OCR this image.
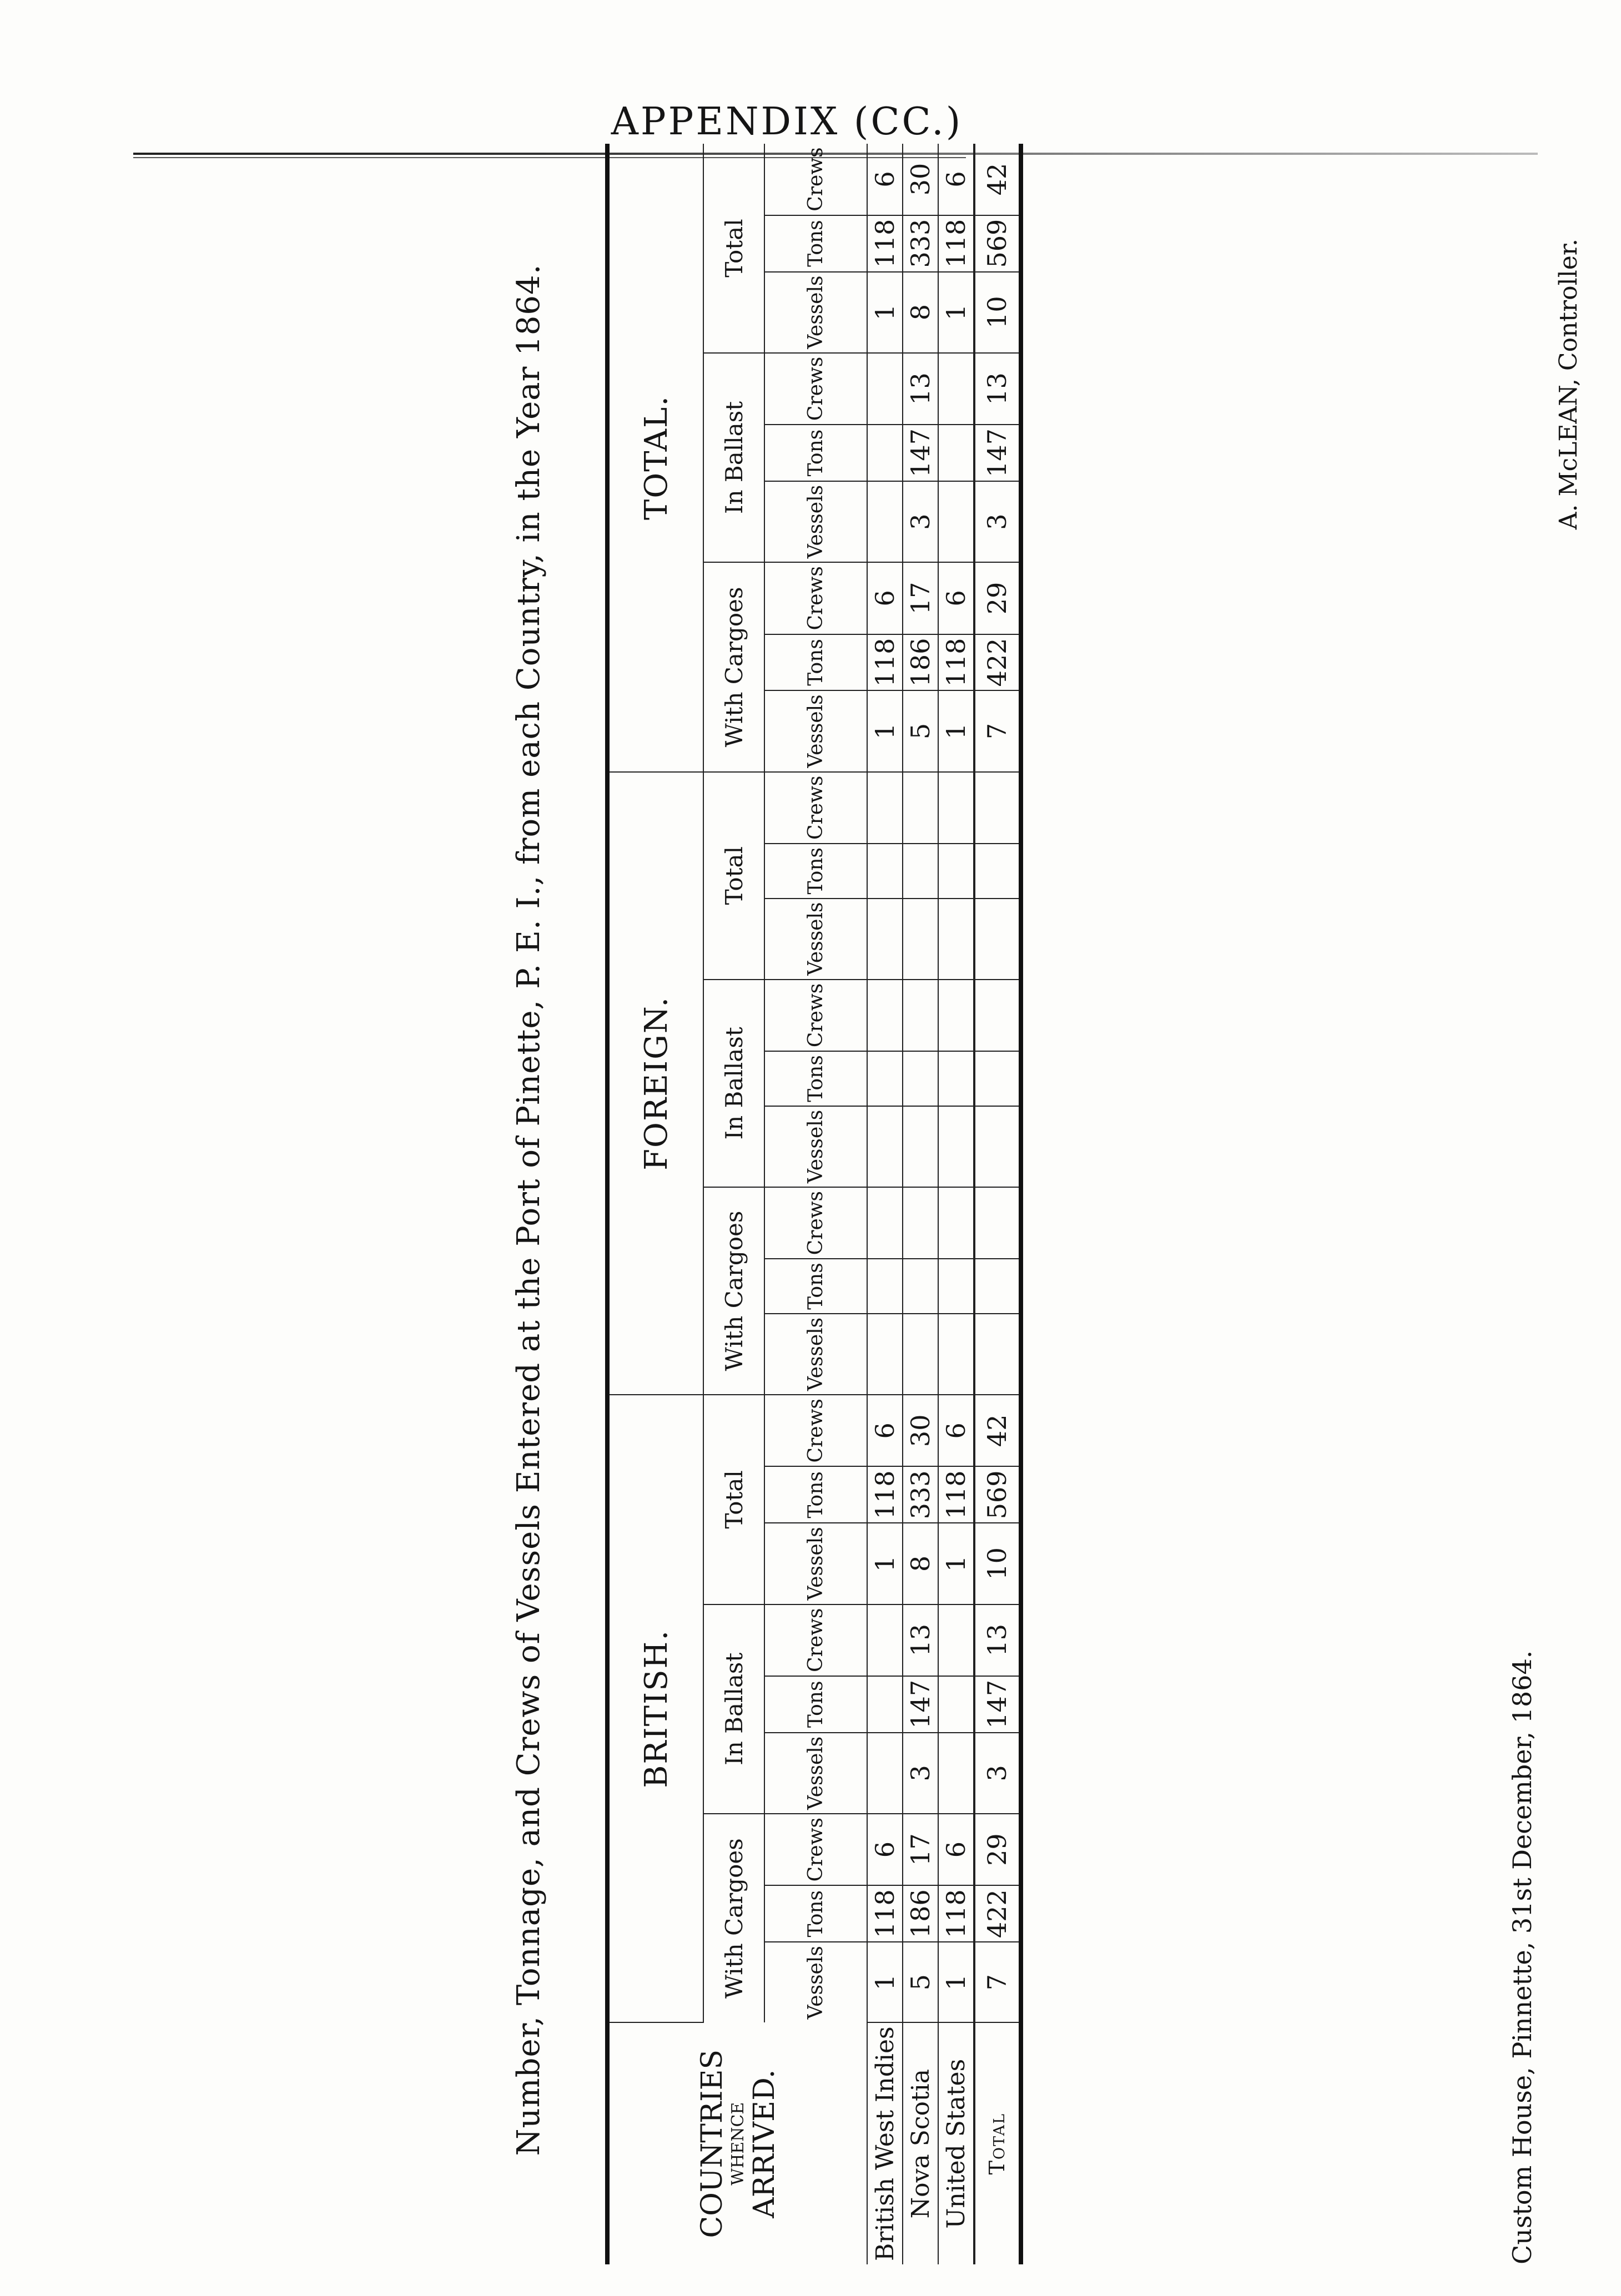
APPENDIX (CC.)
Number, Tonnage, and Crews of Vessels Entered at the Port of Pinette, P. E. I., from each Country, in the Year 1864.	COUNTRIES WHENCE ARRIVED.	BRITISH.									FOREIGN.									TOTAL.								
	With Cargoes			In Ballast			Total			With Cargoes			In Ballast			Total			With Cargoes			In Ballast			Total		
	Vessels	Tons	Crews	Vessels	Tons	Crews	Vessels	Tons	Crews	Vessels	Tons	Crews	Vessels	Tons	Crews	Vessels	Tons	Crews	Vessels	Tons	Crews	Vessels	Tons	Crews	Vessels	Tons	Crews
British West Indies	1	118	6				1	118	6										1	118	6				1	118	6
Nova Scotia	5	186	17	3	147	13	8	333	30										5	186	17	3	147	13	8	333	30
United States	1	118	6				1	118	6										1	118	6				1	118	6
Total	7	422	29	3	147	13	10	569	42										7	422	29	3	147	13	10	569	42
Custom House, Pinnette, 31st December, 1864.
A. McLEAN, Controller.
